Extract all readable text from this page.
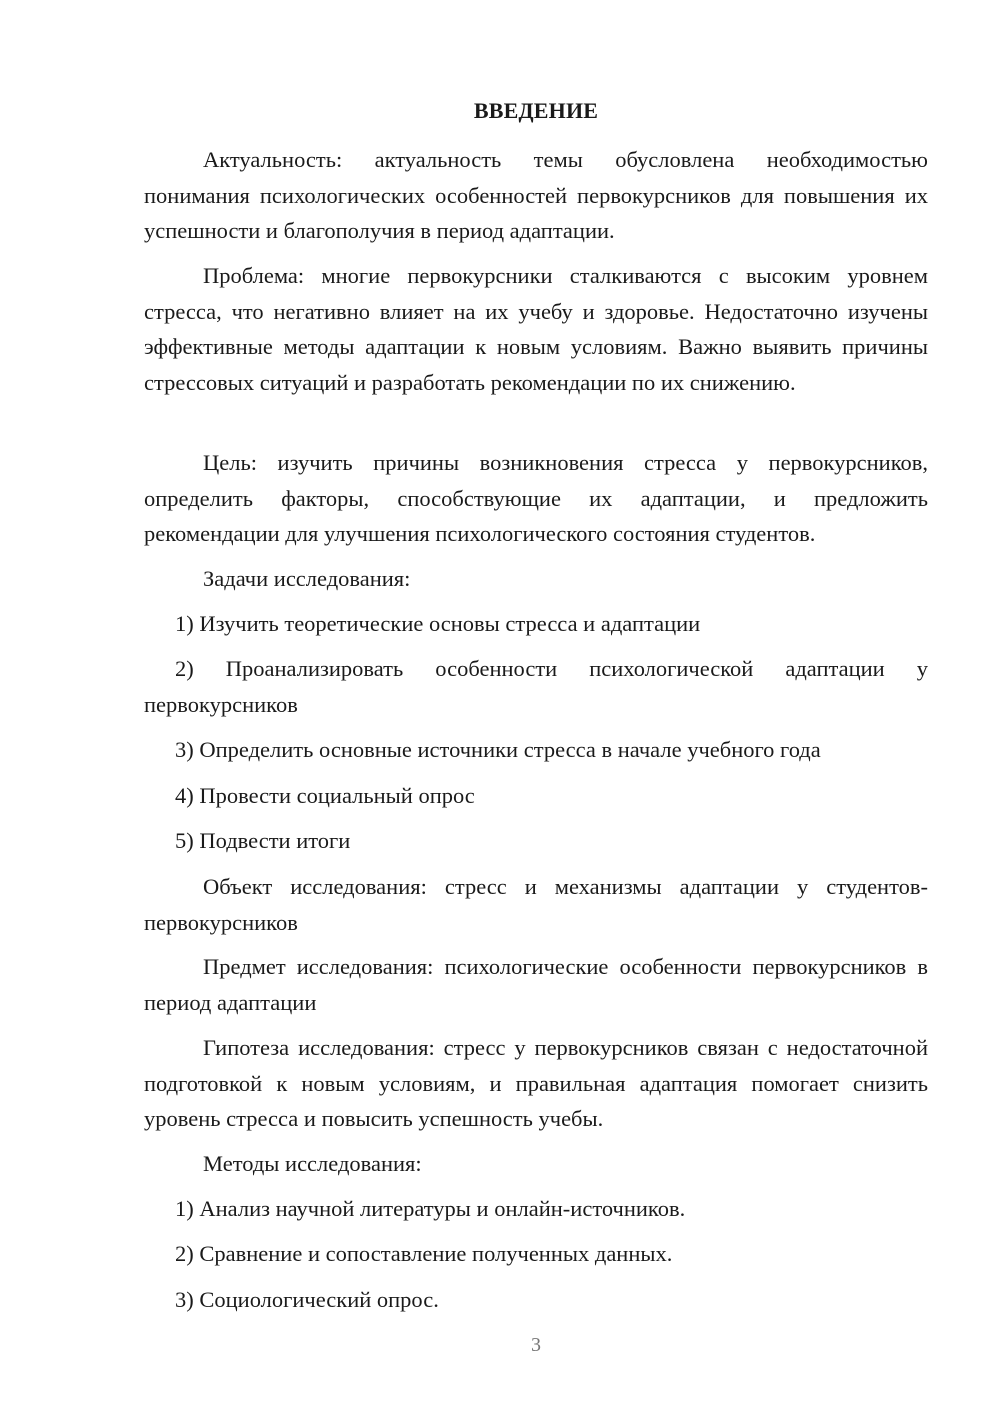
ВВЕДЕНИЕ

Актуальность: актуальность темы обусловлена необходимостью понимания психологических особенностей первокурсников для повышения их успешности и благополучия в период адаптации.

Проблема: многие первокурсники сталкиваются с высоким уровнем стресса, что негативно влияет на их учебу и здоровье. Недостаточно изучены эффективные методы адаптации к новым условиям. Важно выявить причины стрессовых ситуаций и разработать рекомендации по их снижению.

Цель: изучить причины возникновения стресса у первокурсников, определить факторы, способствующие их адаптации, и предложить рекомендации для улучшения психологического состояния студентов.

Задачи исследования:

1) Изучить теоретические основы стресса и адаптации

2) Проанализировать особенности психологической адаптации у первокурсников

3) Определить основные источники стресса в начале учебного года

4) Провести социальный опрос

5) Подвести итоги

Объект исследования: стресс и механизмы адаптации у студентов-первокурсников

Предмет исследования: психологические особенности первокурсников в период адаптации

Гипотеза исследования: стресс у первокурсников связан с недостаточной подготовкой к новым условиям, и правильная адаптация помогает снизить уровень стресса и повысить успешность учебы.

Методы исследования:

1) Анализ научной литературы и онлайн-источников.

2) Сравнение и сопоставление полученных данных.

3) Социологический опрос.

3
